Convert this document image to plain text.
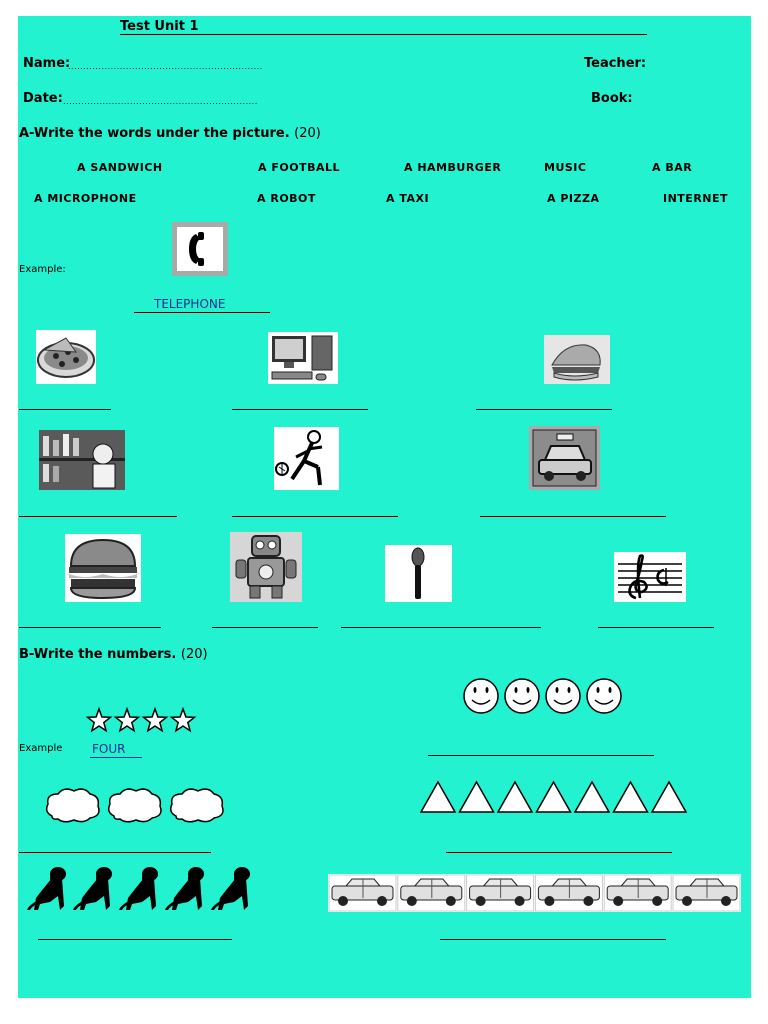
Test Unit 1
Name:
................................................................	Teacher:
Date: ................................................................	Book:
A-Write the words under the picture. (20)
A SANDWICH	A FOOTBALL	A HAMBURGER	MUSIC	A BAR
A MICROPHONE	A ROBOT	A TAXI	A PIZZA	INTERNET
Example:
TELEPHONE
B-Write the numbers. (20)
Example FOUR
